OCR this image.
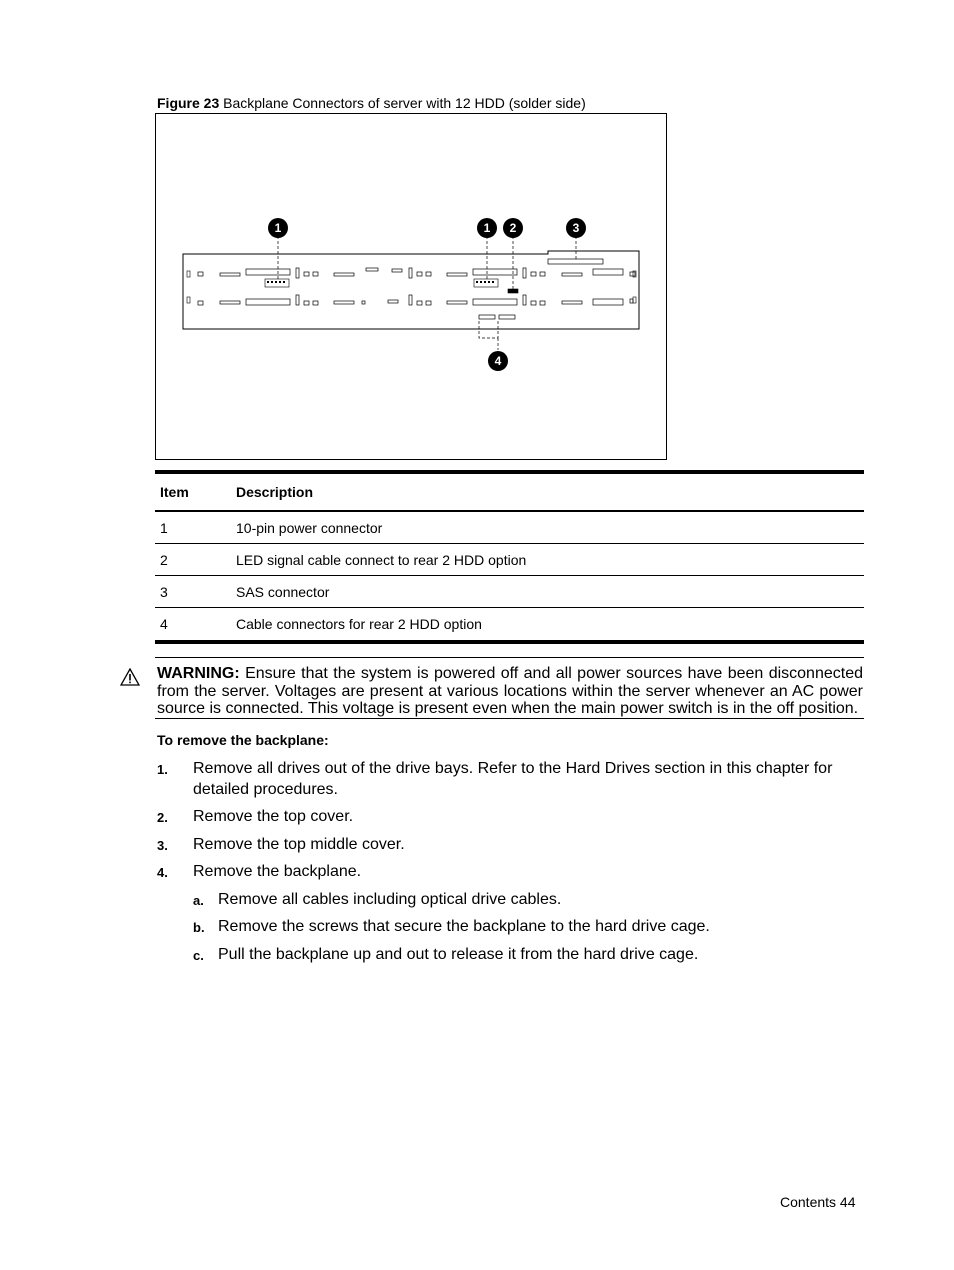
Figure 23 Backplane Connectors of server with 12 HDD (solder side)
1	1 2	3
4
Item	Description
1	10-pin power connector
2	LED signal cable connect to rear 2 HDD option
3	SAS connector
4	Cable connectors for rear 2 HDD option
WARNING: Ensure that the system is powered off and all power sources have been disconnected from the server. Voltages are present at various locations within the server whenever an AC power source is connected. This voltage is present even when the main power switch is in the off position.
To remove the backplane:
1. Remove all drives out of the drive bays. Refer to the Hard Drives section in this chapter for detailed procedures.
2. Remove the top cover.
3. Remove the top middle cover.
4. Remove the backplane.
a. Remove all cables including optical drive cables.
b. Remove the screws that secure the backplane to the hard drive cage.
c. Pull the backplane up and out to release it from the hard drive cage.
Contents 44
